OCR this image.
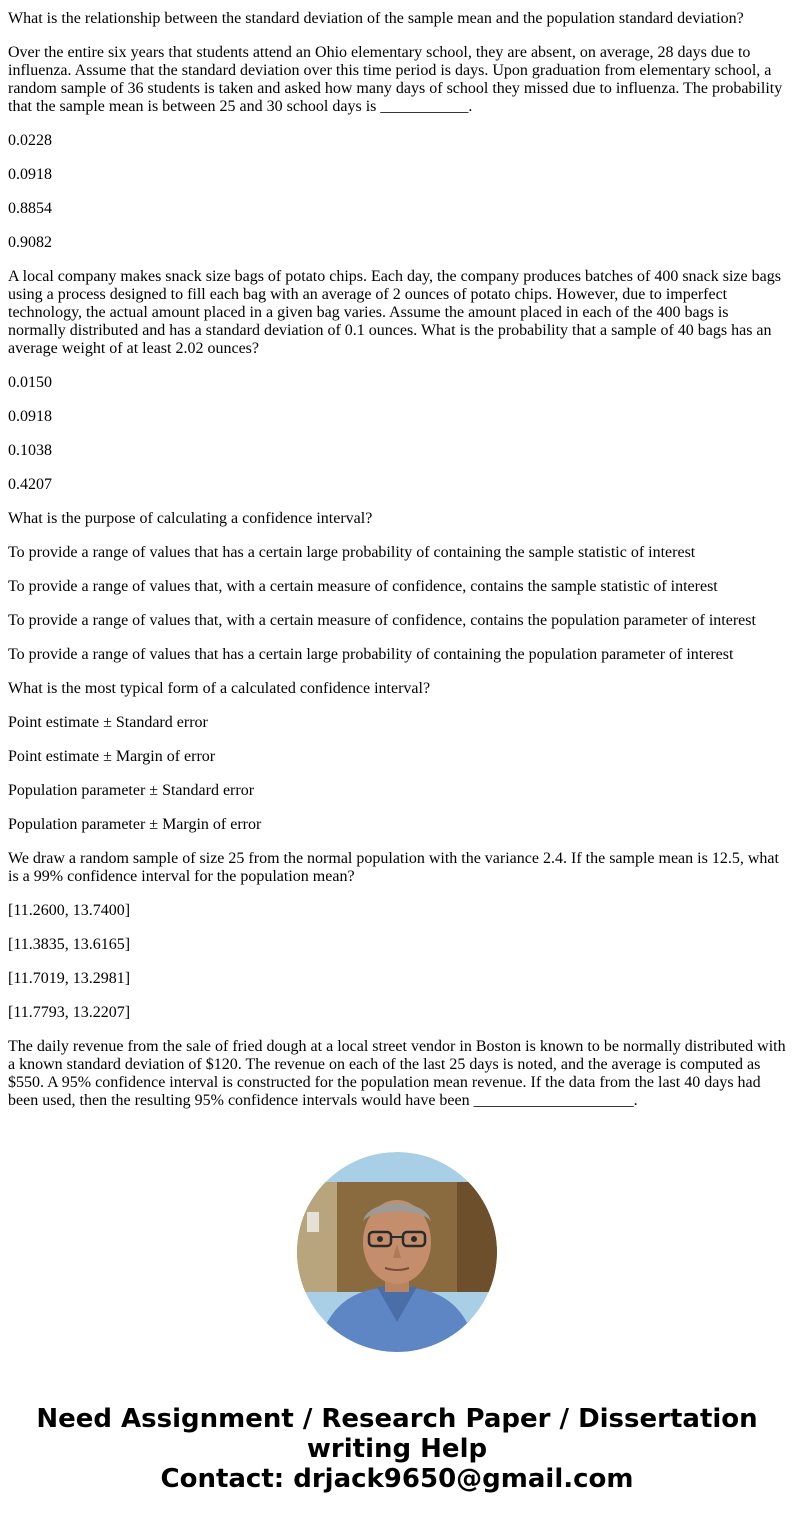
What is the relationship between the standard deviation of the sample mean and the population standard deviation?

Over the entire six years that students attend an Ohio elementary school, they are absent, on average, 28 days due to influenza. Assume that the standard deviation over this time period is days. Upon graduation from elementary school, a random sample of 36 students is taken and asked how many days of school they missed due to influenza. The probability that the sample mean is between 25 and 30 school days is ___________.

0.0228

0.0918

0.8854

0.9082

A local company makes snack size bags of potato chips. Each day, the company produces batches of 400 snack size bags using a process designed to fill each bag with an average of 2 ounces of potato chips. However, due to imperfect technology, the actual amount placed in a given bag varies. Assume the amount placed in each of the 400 bags is normally distributed and has a standard deviation of 0.1 ounces. What is the probability that a sample of 40 bags has an average weight of at least 2.02 ounces?

0.0150

0.0918

0.1038

0.4207

What is the purpose of calculating a confidence interval?

To provide a range of values that has a certain large probability of containing the sample statistic of interest

To provide a range of values that, with a certain measure of confidence, contains the sample statistic of interest

To provide a range of values that, with a certain measure of confidence, contains the population parameter of interest

To provide a range of values that has a certain large probability of containing the population parameter of interest

What is the most typical form of a calculated confidence interval?

Point estimate ± Standard error

Point estimate ± Margin of error

Population parameter ± Standard error

Population parameter ± Margin of error

We draw a random sample of size 25 from the normal population with the variance 2.4. If the sample mean is 12.5, what is a 99% confidence interval for the population mean?

[11.2600, 13.7400]

[11.3835, 13.6165]

[11.7019, 13.2981]

[11.7793, 13.2207]

The daily revenue from the sale of fried dough at a local street vendor in Boston is known to be normally distributed with a known standard deviation of $120. The revenue on each of the last 25 days is noted, and the average is computed as $550. A 95% confidence interval is constructed for the population mean revenue. If the data from the last 40 days had been used, then the resulting 95% confidence intervals would have been ____________________.

Need Assignment / Research Paper / Dissertation
writing Help
Contact: drjack9650@gmail.com
